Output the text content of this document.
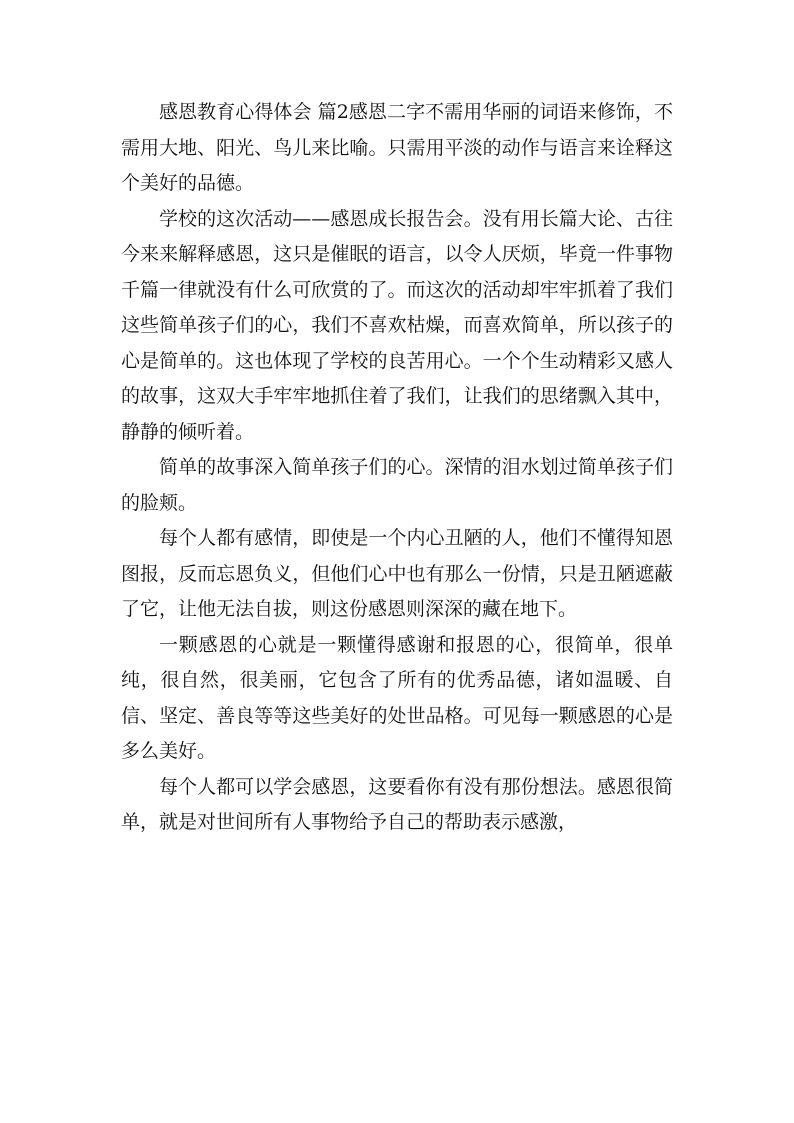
感恩教育心得体会 篇2感恩二字不需用华丽的词语来修饰，不需用大地、阳光、鸟儿来比喻。只需用平淡的动作与语言来诠释这个美好的品德。

学校的这次活动——感恩成长报告会。没有用长篇大论、古往今来来解释感恩，这只是催眠的语言，以令人厌烦，毕竟一件事物千篇一律就没有什么可欣赏的了。而这次的活动却牢牢抓着了我们这些简单孩子们的心，我们不喜欢枯燥，而喜欢简单，所以孩子的心是简单的。这也体现了学校的良苦用心。一个个生动精彩又感人的故事，这双大手牢牢地抓住着了我们，让我们的思绪飘入其中，静静的倾听着。

简单的故事深入简单孩子们的心。深情的泪水划过简单孩子们的脸颊。

每个人都有感情，即使是一个内心丑陋的人，他们不懂得知恩图报，反而忘恩负义，但他们心中也有那么一份情，只是丑陋遮蔽了它，让他无法自拔，则这份感恩则深深的藏在地下。

一颗感恩的心就是一颗懂得感谢和报恩的心，很简单，很单纯，很自然，很美丽，它包含了所有的优秀品德，诸如温暖、自信、坚定、善良等等这些美好的处世品格。可见每一颗感恩的心是多么美好。

每个人都可以学会感恩，这要看你有没有那份想法。感恩很简单，就是对世间所有人事物给予自己的帮助表示感激，
